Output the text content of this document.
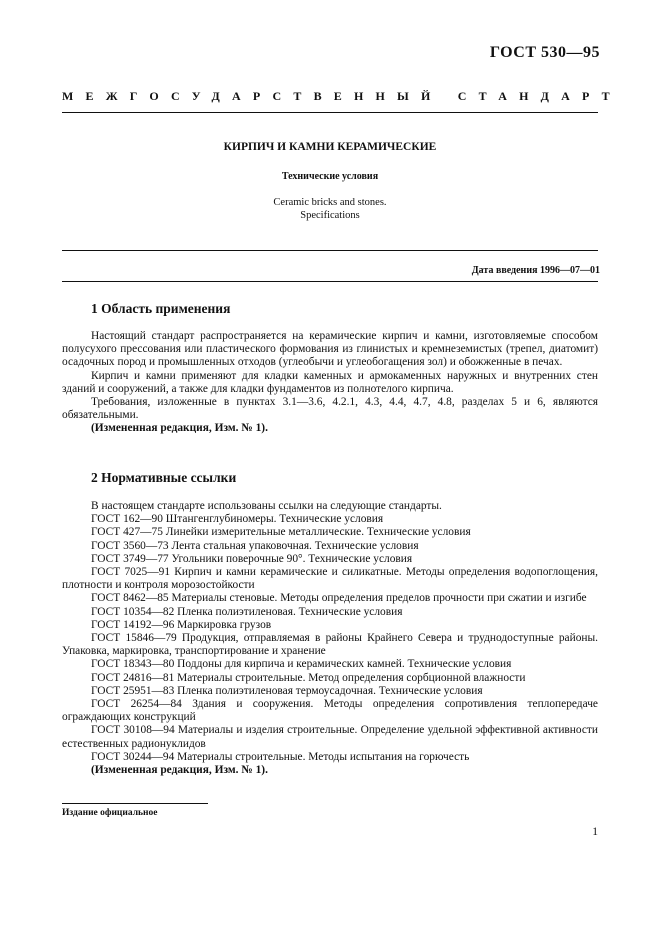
ГОСТ 530—95
МЕЖГОСУДАРСТВЕННЫЙ СТАНДАРТ
КИРПИЧ И КАМНИ КЕРАМИЧЕСКИЕ
Технические условия
Ceramic bricks and stones.
Specifications
Дата введения 1996—07—01
1 Область применения

Настоящий стандарт распространяется на керамические кирпич и камни, изготовляемые способом полусухого прессования или пластического формования из глинистых и кремнеземистых (трепел, диатомит) осадочных пород и промышленных отходов (углеобычи и углеобогащения зол) и обожженные в печах.

Кирпич и камни применяют для кладки каменных и армокаменных наружных и внутренних стен зданий и сооружений, а также для кладки фундаментов из полнотелого кирпича.

Требования, изложенные в пунктах 3.1—3.6, 4.2.1, 4.3, 4.4, 4.7, 4.8, разделах 5 и 6, являются обязательными.

(Измененная редакция, Изм. № 1).

2 Нормативные ссылки

В настоящем стандарте использованы ссылки на следующие стандарты.

ГОСТ 162—90 Штангенглубиномеры. Технические условия

ГОСТ 427—75 Линейки измерительные металлические. Технические условия

ГОСТ 3560—73 Лента стальная упаковочная. Технические условия

ГОСТ 3749—77 Угольники поверочные 90°. Технические условия

ГОСТ 7025—91 Кирпич и камни керамические и силикатные. Методы определения водопоглощения, плотности и контроля морозостойкости

ГОСТ 8462—85 Материалы стеновые. Методы определения пределов прочности при сжатии и изгибе

ГОСТ 10354—82 Пленка полиэтиленовая. Технические условия

ГОСТ 14192—96 Маркировка грузов

ГОСТ 15846—79 Продукция, отправляемая в районы Крайнего Севера и труднодоступные районы. Упаковка, маркировка, транспортирование и хранение

ГОСТ 18343—80 Поддоны для кирпича и керамических камней. Технические условия

ГОСТ 24816—81 Материалы строительные. Метод определения сорбционной влажности

ГОСТ 25951—83 Пленка полиэтиленовая термоусадочная. Технические условия

ГОСТ 26254—84 Здания и сооружения. Методы определения сопротивления теплопередаче ограждающих конструкций

ГОСТ 30108—94 Материалы и изделия строительные. Определение удельной эффективной активности естественных радионуклидов

ГОСТ 30244—94 Материалы строительные. Методы испытания на горючесть

(Измененная редакция, Изм. № 1).

Издание официальное
1
